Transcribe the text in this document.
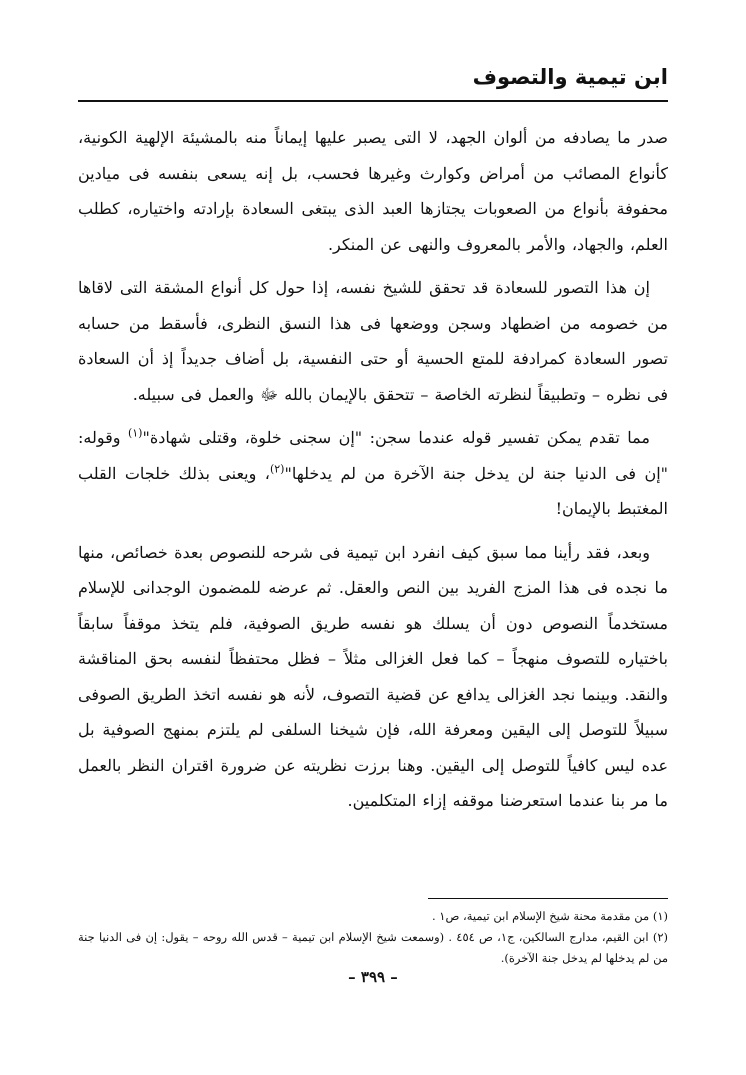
ابن تيمية والتصوف

صدر ما يصادفه من ألوان الجهد، لا التى يصبر عليها إيماناً منه بالمشيئة الإلهية الكونية، كأنواع المصائب من أمراض وكوارث وغيرها فحسب، بل إنه يسعى بنفسه فى ميادين محفوفة بأنواع من الصعوبات يجتازها العبد الذى يبتغى السعادة بإرادته واختياره، كطلب العلم، والجهاد، والأمر بالمعروف والنهى عن المنكر.

إن هذا التصور للسعادة قد تحقق للشيخ نفسه، إذا حول كل أنواع المشقة التى لاقاها من خصومه من اضطهاد وسجن ووضعها فى هذا النسق النظرى، فأسقط من حسابه تصور السعادة كمرادفة للمتع الحسية أو حتى النفسية، بل أضاف جديداً إذ أن السعادة فى نظره – وتطبيقاً لنظرته الخاصة – تتحقق بالإيمان بالله ﷻ والعمل فى سبيله.

مما تقدم يمكن تفسير قوله عندما سجن: "إن سجنى خلوة، وقتلى شهادة"$^{(١)}$ وقوله: "إن فى الدنيا جنة لن يدخل جنة الآخرة من لم يدخلها"$^{(٢)}$، ويعنى بذلك خلجات القلب المغتبط بالإيمان!

وبعد، فقد رأينا مما سبق كيف انفرد ابن تيمية فى شرحه للنصوص بعدة خصائص، منها ما نجده فى هذا المزج الفريد بين النص والعقل. ثم عرضه للمضمون الوجدانى للإسلام مستخدماً النصوص دون أن يسلك هو نفسه طريق الصوفية، فلم يتخذ موقفاً سابقاً باختياره للتصوف منهجاً – كما فعل الغزالى مثلاً – فظل محتفظاً لنفسه بحق المناقشة والنقد. وبينما نجد الغزالى يدافع عن قضية التصوف، لأنه هو نفسه اتخذ الطريق الصوفى سبيلاً للتوصل إلى اليقين ومعرفة الله، فإن شيخنا السلفى لم يلتزم بمنهج الصوفية بل عده ليس كافياً للتوصل إلى اليقين. وهنا برزت نظريته عن ضرورة اقتران النظر بالعمل ما مر بنا عندما استعرضنا موقفه إزاء المتكلمين.

(١) من مقدمة محنة شيخ الإسلام ابن تيمية، ص١ .

(٢) ابن القيم، مدارج السالكين، ج١، ص ٤٥٤ . (وسمعت شيخ الإسلام ابن تيمية – قدس الله روحه – يقول: إن فى الدنيا جنة من لم يدخلها لم يدخل جنة الآخرة).

– ٣٩٩ –
